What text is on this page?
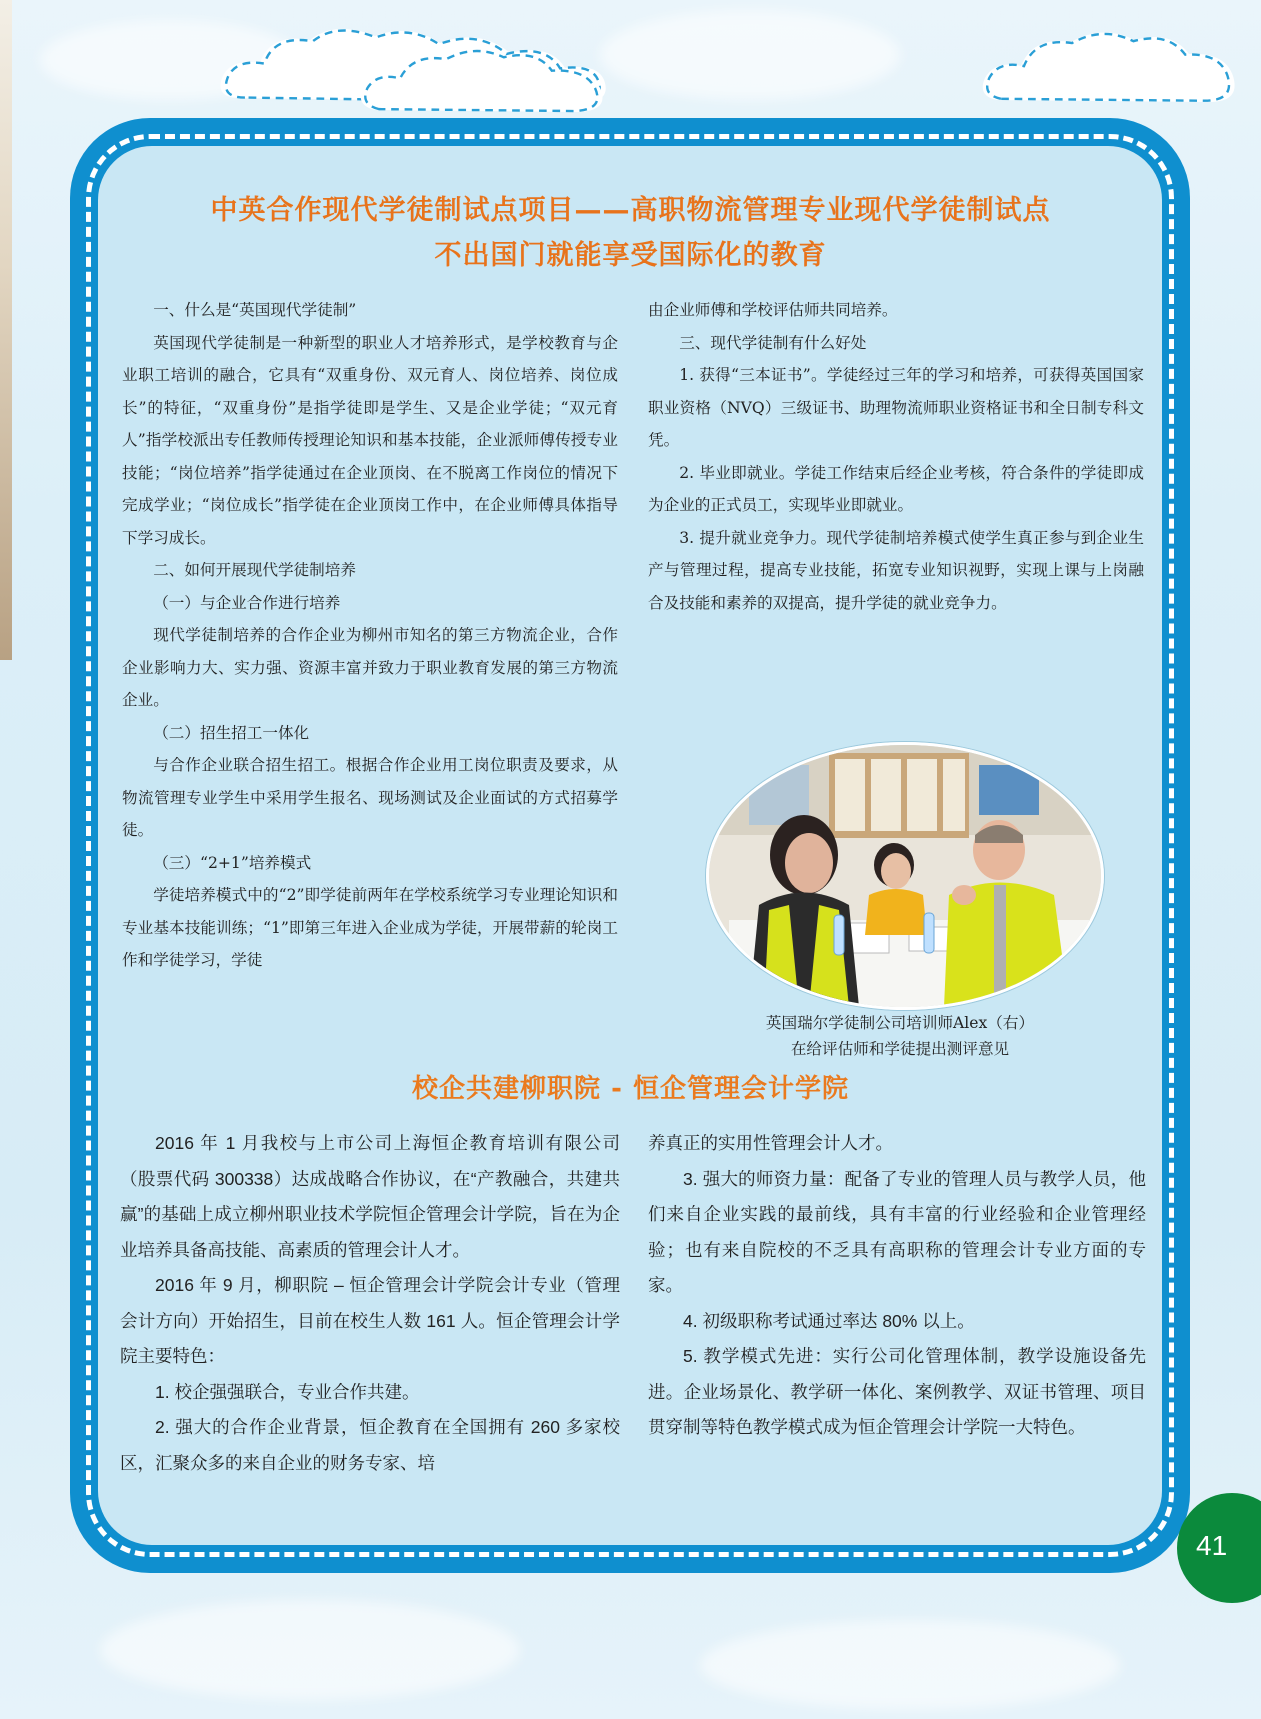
中英合作现代学徒制试点项目——高职物流管理专业现代学徒制试点
不出国门就能享受国际化的教育

一、什么是“英国现代学徒制”

英国现代学徒制是一种新型的职业人才培养形式，是学校教育与企业职工培训的融合，它具有“双重身份、双元育人、岗位培养、岗位成长”的特征，“双重身份”是指学徒即是学生、又是企业学徒；“双元育人”指学校派出专任教师传授理论知识和基本技能，企业派师傅传授专业技能；“岗位培养”指学徒通过在企业顶岗、在不脱离工作岗位的情况下完成学业；“岗位成长”指学徒在企业顶岗工作中，在企业师傅具体指导下学习成长。

二、如何开展现代学徒制培养

（一）与企业合作进行培养

现代学徒制培养的合作企业为柳州市知名的第三方物流企业，合作企业影响力大、实力强、资源丰富并致力于职业教育发展的第三方物流企业。

（二）招生招工一体化

与合作企业联合招生招工。根据合作企业用工岗位职责及要求，从物流管理专业学生中采用学生报名、现场测试及企业面试的方式招募学徒。

（三）“2+1”培养模式

学徒培养模式中的“2”即学徒前两年在学校系统学习专业理论知识和专业基本技能训练；“1”即第三年进入企业成为学徒，开展带薪的轮岗工作和学徒学习，学徒

由企业师傅和学校评估师共同培养。

三、现代学徒制有什么好处

1. 获得“三本证书”。学徒经过三年的学习和培养，可获得英国国家职业资格（NVQ）三级证书、助理物流师职业资格证书和全日制专科文凭。

2. 毕业即就业。学徒工作结束后经企业考核，符合条件的学徒即成为企业的正式员工，实现毕业即就业。

3. 提升就业竞争力。现代学徒制培养模式使学生真正参与到企业生产与管理过程，提高专业技能，拓宽专业知识视野，实现上课与上岗融合及技能和素养的双提高，提升学徒的就业竞争力。

英国瑞尔学徒制公司培训师Alex（右）
在给评估师和学徒提出测评意见
校企共建柳职院 - 恒企管理会计学院

2016 年 1 月我校与上市公司上海恒企教育培训有限公司（股票代码 300338）达成战略合作协议，在“产教融合，共建共赢”的基础上成立柳州职业技术学院恒企管理会计学院，旨在为企业培养具备高技能、高素质的管理会计人才。

2016 年 9 月，柳职院 – 恒企管理会计学院会计专业（管理会计方向）开始招生，目前在校生人数 161 人。恒企管理会计学院主要特色：

1. 校企强强联合，专业合作共建。

2. 强大的合作企业背景，恒企教育在全国拥有 260 多家校区，汇聚众多的来自企业的财务专家、培

养真正的实用性管理会计人才。

3. 强大的师资力量：配备了专业的管理人员与教学人员，他们来自企业实践的最前线，具有丰富的行业经验和企业管理经验；也有来自院校的不乏具有高职称的管理会计专业方面的专家。

4. 初级职称考试通过率达 80% 以上。

5. 教学模式先进：实行公司化管理体制，教学设施设备先进。企业场景化、教学研一体化、案例教学、双证书管理、项目贯穿制等特色教学模式成为恒企管理会计学院一大特色。

41
